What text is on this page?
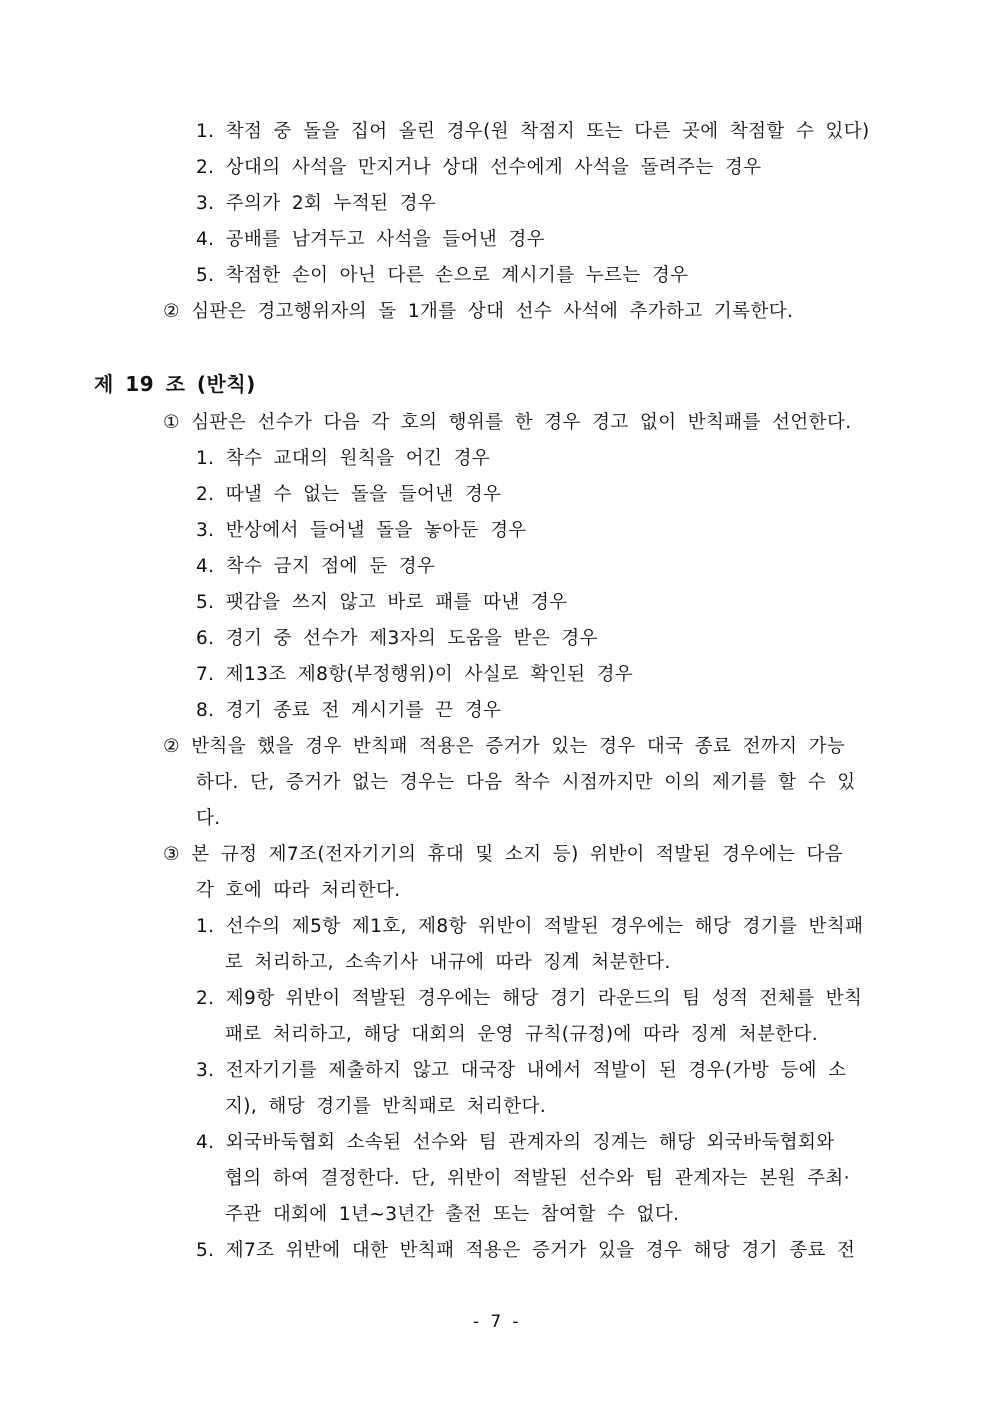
1. 착점 중 돌을 집어 올린 경우(원 착점지 또는 다른 곳에 착점할 수 있다)
2. 상대의 사석을 만지거나 상대 선수에게 사석을 돌려주는 경우
3. 주의가 2회 누적된 경우
4. 공배를 남겨두고 사석을 들어낸 경우
5. 착점한 손이 아닌 다른 손으로 계시기를 누르는 경우
② 심판은 경고행위자의 돌 1개를 상대 선수 사석에 추가하고 기록한다.
제 19 조 (반칙)
① 심판은 선수가 다음 각 호의 행위를 한 경우 경고 없이 반칙패를 선언한다.
1. 착수 교대의 원칙을 어긴 경우
2. 따낼 수 없는 돌을 들어낸 경우
3. 반상에서 들어낼 돌을 놓아둔 경우
4. 착수 금지 점에 둔 경우
5. 팻감을 쓰지 않고 바로 패를 따낸 경우
6. 경기 중 선수가 제3자의 도움을 받은 경우
7. 제13조 제8항(부정행위)이 사실로 확인된 경우
8. 경기 종료 전 계시기를 끈 경우
② 반칙을 했을 경우 반칙패 적용은 증거가 있는 경우 대국 종료 전까지 가능
하다. 단, 증거가 없는 경우는 다음 착수 시점까지만 이의 제기를 할 수 있
다.
③ 본 규정 제7조(전자기기의 휴대 및 소지 등) 위반이 적발된 경우에는 다음
각 호에 따라 처리한다.
1. 선수의 제5항 제1호, 제8항 위반이 적발된 경우에는 해당 경기를 반칙패
로 처리하고, 소속기사 내규에 따라 징계 처분한다.
2. 제9항 위반이 적발된 경우에는 해당 경기 라운드의 팀 성적 전체를 반칙
패로 처리하고, 해당 대회의 운영 규칙(규정)에 따라 징계 처분한다.
3. 전자기기를 제출하지 않고 대국장 내에서 적발이 된 경우(가방 등에 소
지), 해당 경기를 반칙패로 처리한다.
4. 외국바둑협회 소속된 선수와 팀 관계자의 징계는 해당 외국바둑협회와
협의 하여 결정한다. 단, 위반이 적발된 선수와 팀 관계자는 본원 주최·
주관 대회에 1년~3년간 출전 또는 참여할 수 없다.
5. 제7조 위반에 대한 반칙패 적용은 증거가 있을 경우 해당 경기 종료 전
- 7 -
